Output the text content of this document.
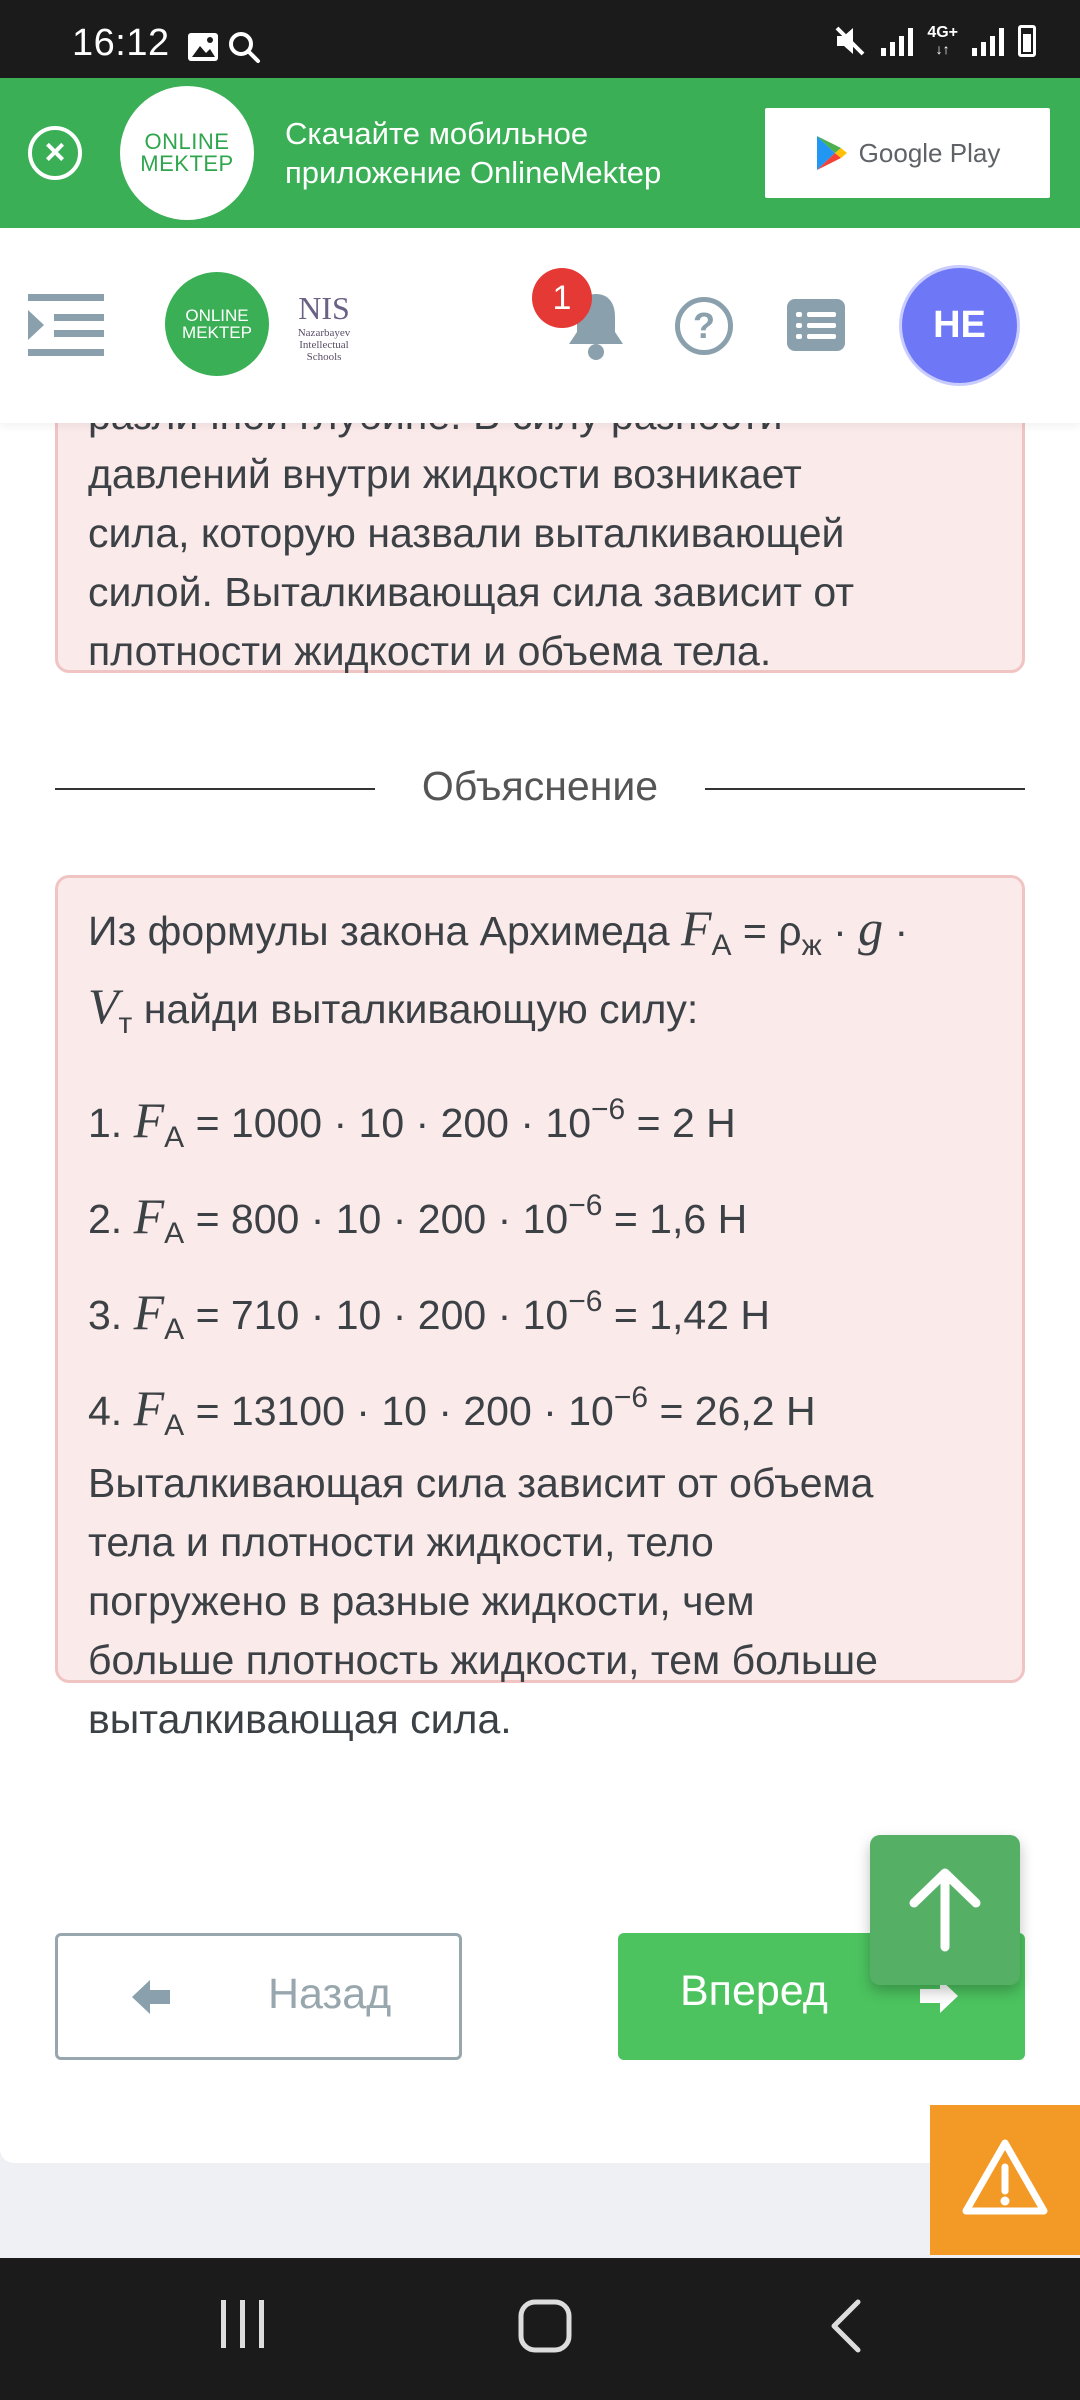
16:12	4G+
↓↑
×	ONLINE
MEKTEP
Скачайте мобильное
приложение OnlineMektep
Google Play
ONLINE
MEKTEP
NIS
Nazarbayev
Intellectual
Schools
1
?	НЕ

давлений внутри жидкости возникает

сила, которую назвали выталкивающей

силой. Выталкивающая сила зависит от

плотности жидкости и объема тела.

Объяснение
Из формулы закона Архимеда $F_A = \rho_ж \cdot g$ ·
$V_т$ найди выталкивающую силу:
1. $F_A = 1000 \cdot 10 \cdot 200 \cdot 10^{-6} = 2$ Н
2. $F_A = 800 \cdot 10 \cdot 200 \cdot 10^{-6} = 1,6$ Н
3. $F_A = 710 \cdot 10 \cdot 200 \cdot 10^{-6} = 1,42$ Н
4. $F_A = 13100 \cdot 10 \cdot 200 \cdot 10^{-6} = 26,2$ Н
Выталкивающая сила зависит от объема
тела и плотности жидкости, тело
погружено в разные жидкости, чем
больше плотность жидкости, тем больше
выталкивающая сила.
Назад	Вперед
